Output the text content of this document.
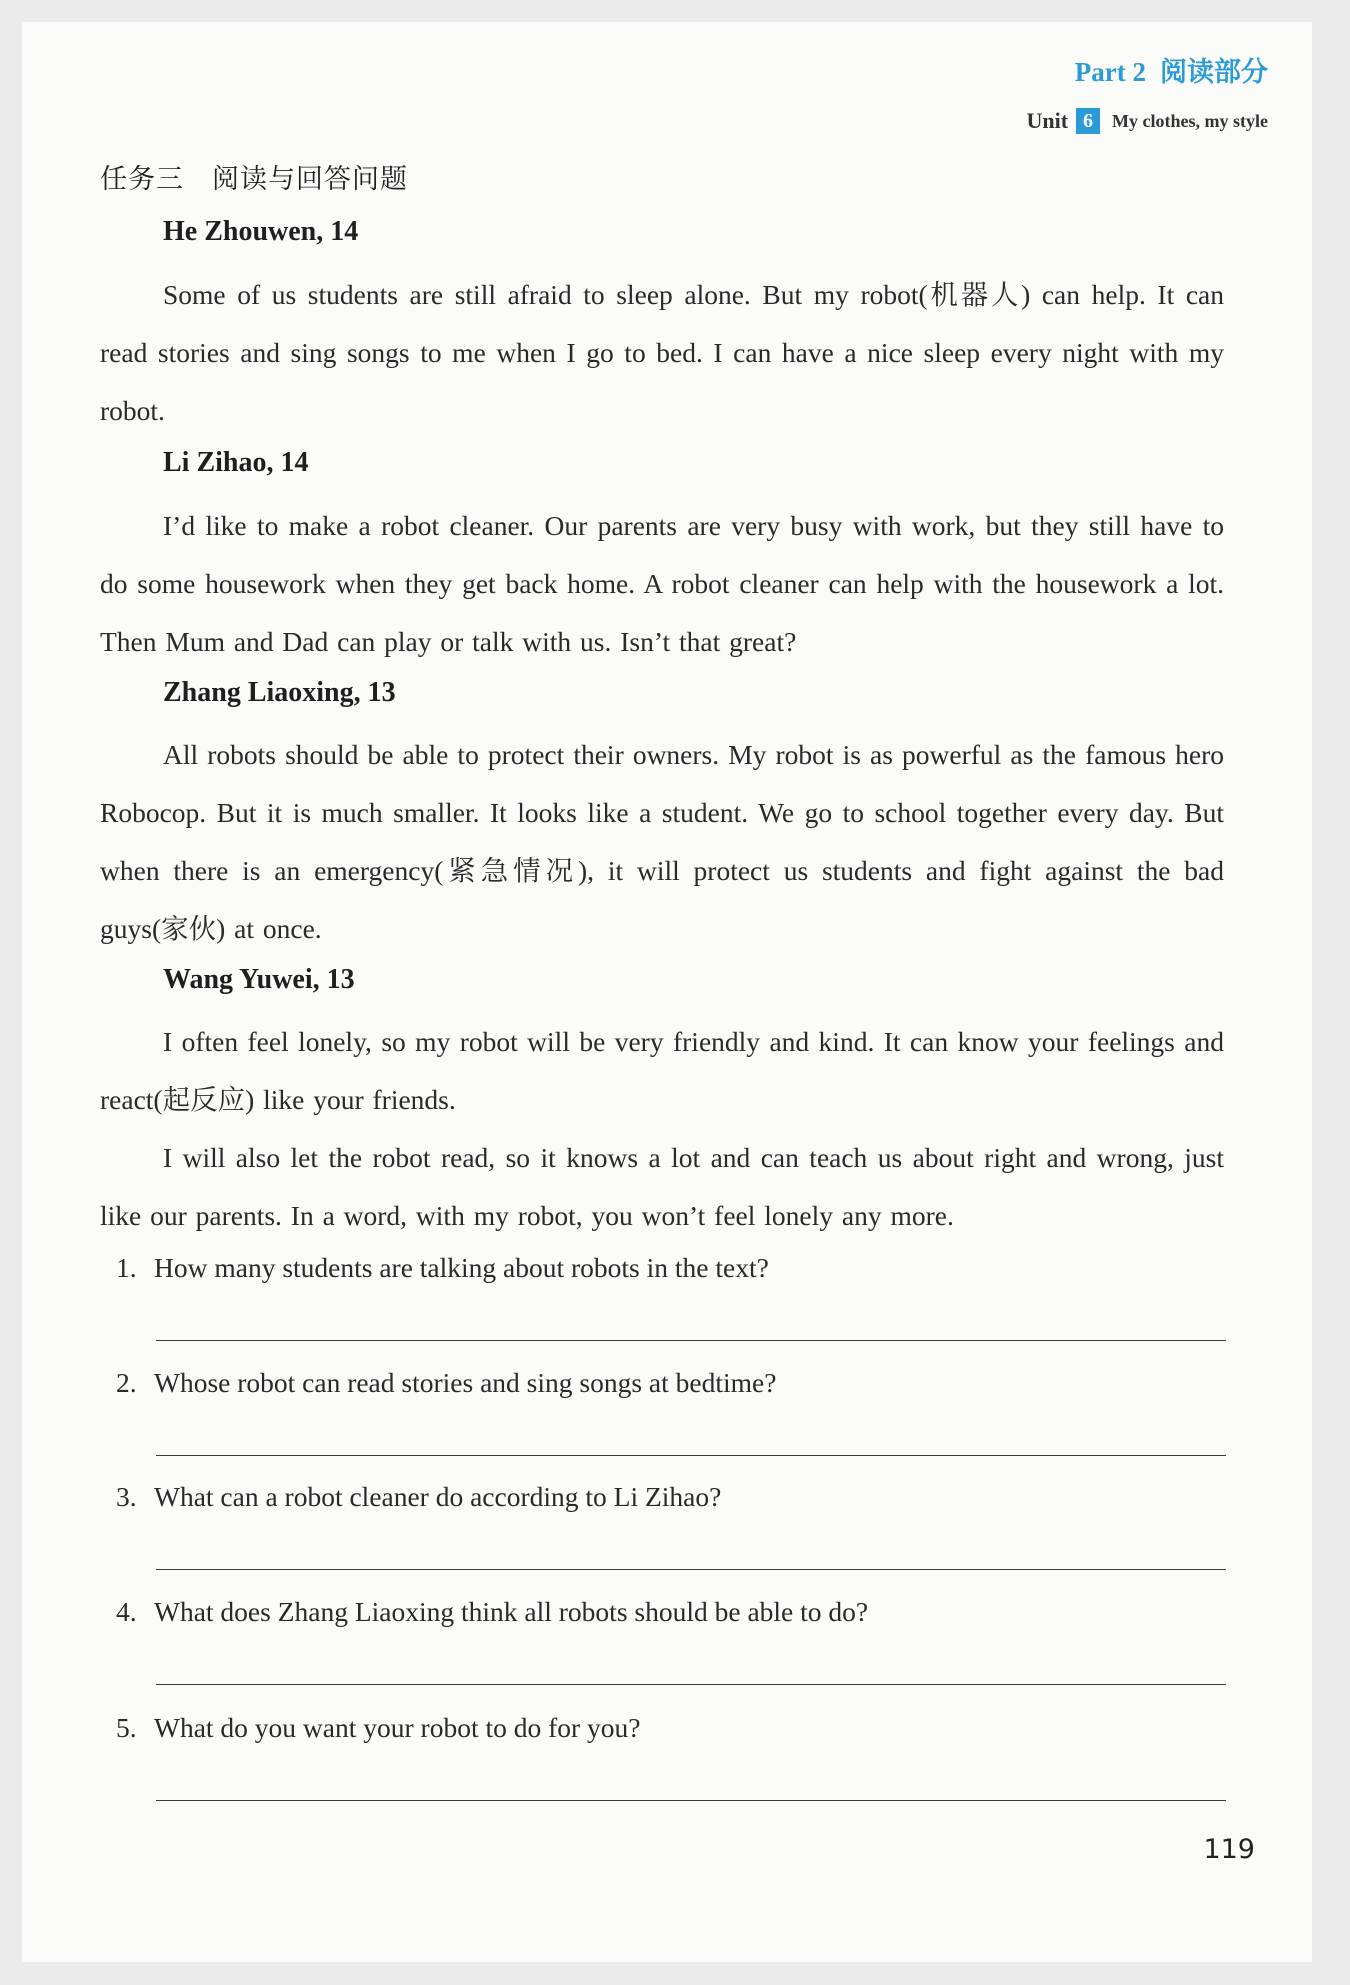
Part 2 阅读部分
Unit 6	My clothes, my style
任务三 阅读与回答问题
He Zhouwen, 14

Some of us students are still afraid to sleep alone. But my robot(机器人) can help. It can read stories and sing songs to me when I go to bed. I can have a nice sleep every night with my robot.

Li Zihao, 14

I’d like to make a robot cleaner. Our parents are very busy with work, but they still have to do some housework when they get back home. A robot cleaner can help with the housework a lot. Then Mum and Dad can play or talk with us. Isn’t that great?

Zhang Liaoxing, 13

All robots should be able to protect their owners. My robot is as powerful as the famous hero Robocop. But it is much smaller. It looks like a student. We go to school together every day. But when there is an emergency(紧急情况), it will protect us students and fight against the bad guys(家伙) at once.

Wang Yuwei, 13

I often feel lonely, so my robot will be very friendly and kind. It can know your feelings and react(起反应) like your friends.

I will also let the robot read, so it knows a lot and can teach us about right and wrong, just like our parents. In a word, with my robot, you won’t feel lonely any more.

1. How many students are talking about robots in the text?
2. Whose robot can read stories and sing songs at bedtime?
3. What can a robot cleaner do according to Li Zihao?
4. What does Zhang Liaoxing think all robots should be able to do?
5. What do you want your robot to do for you?
119
